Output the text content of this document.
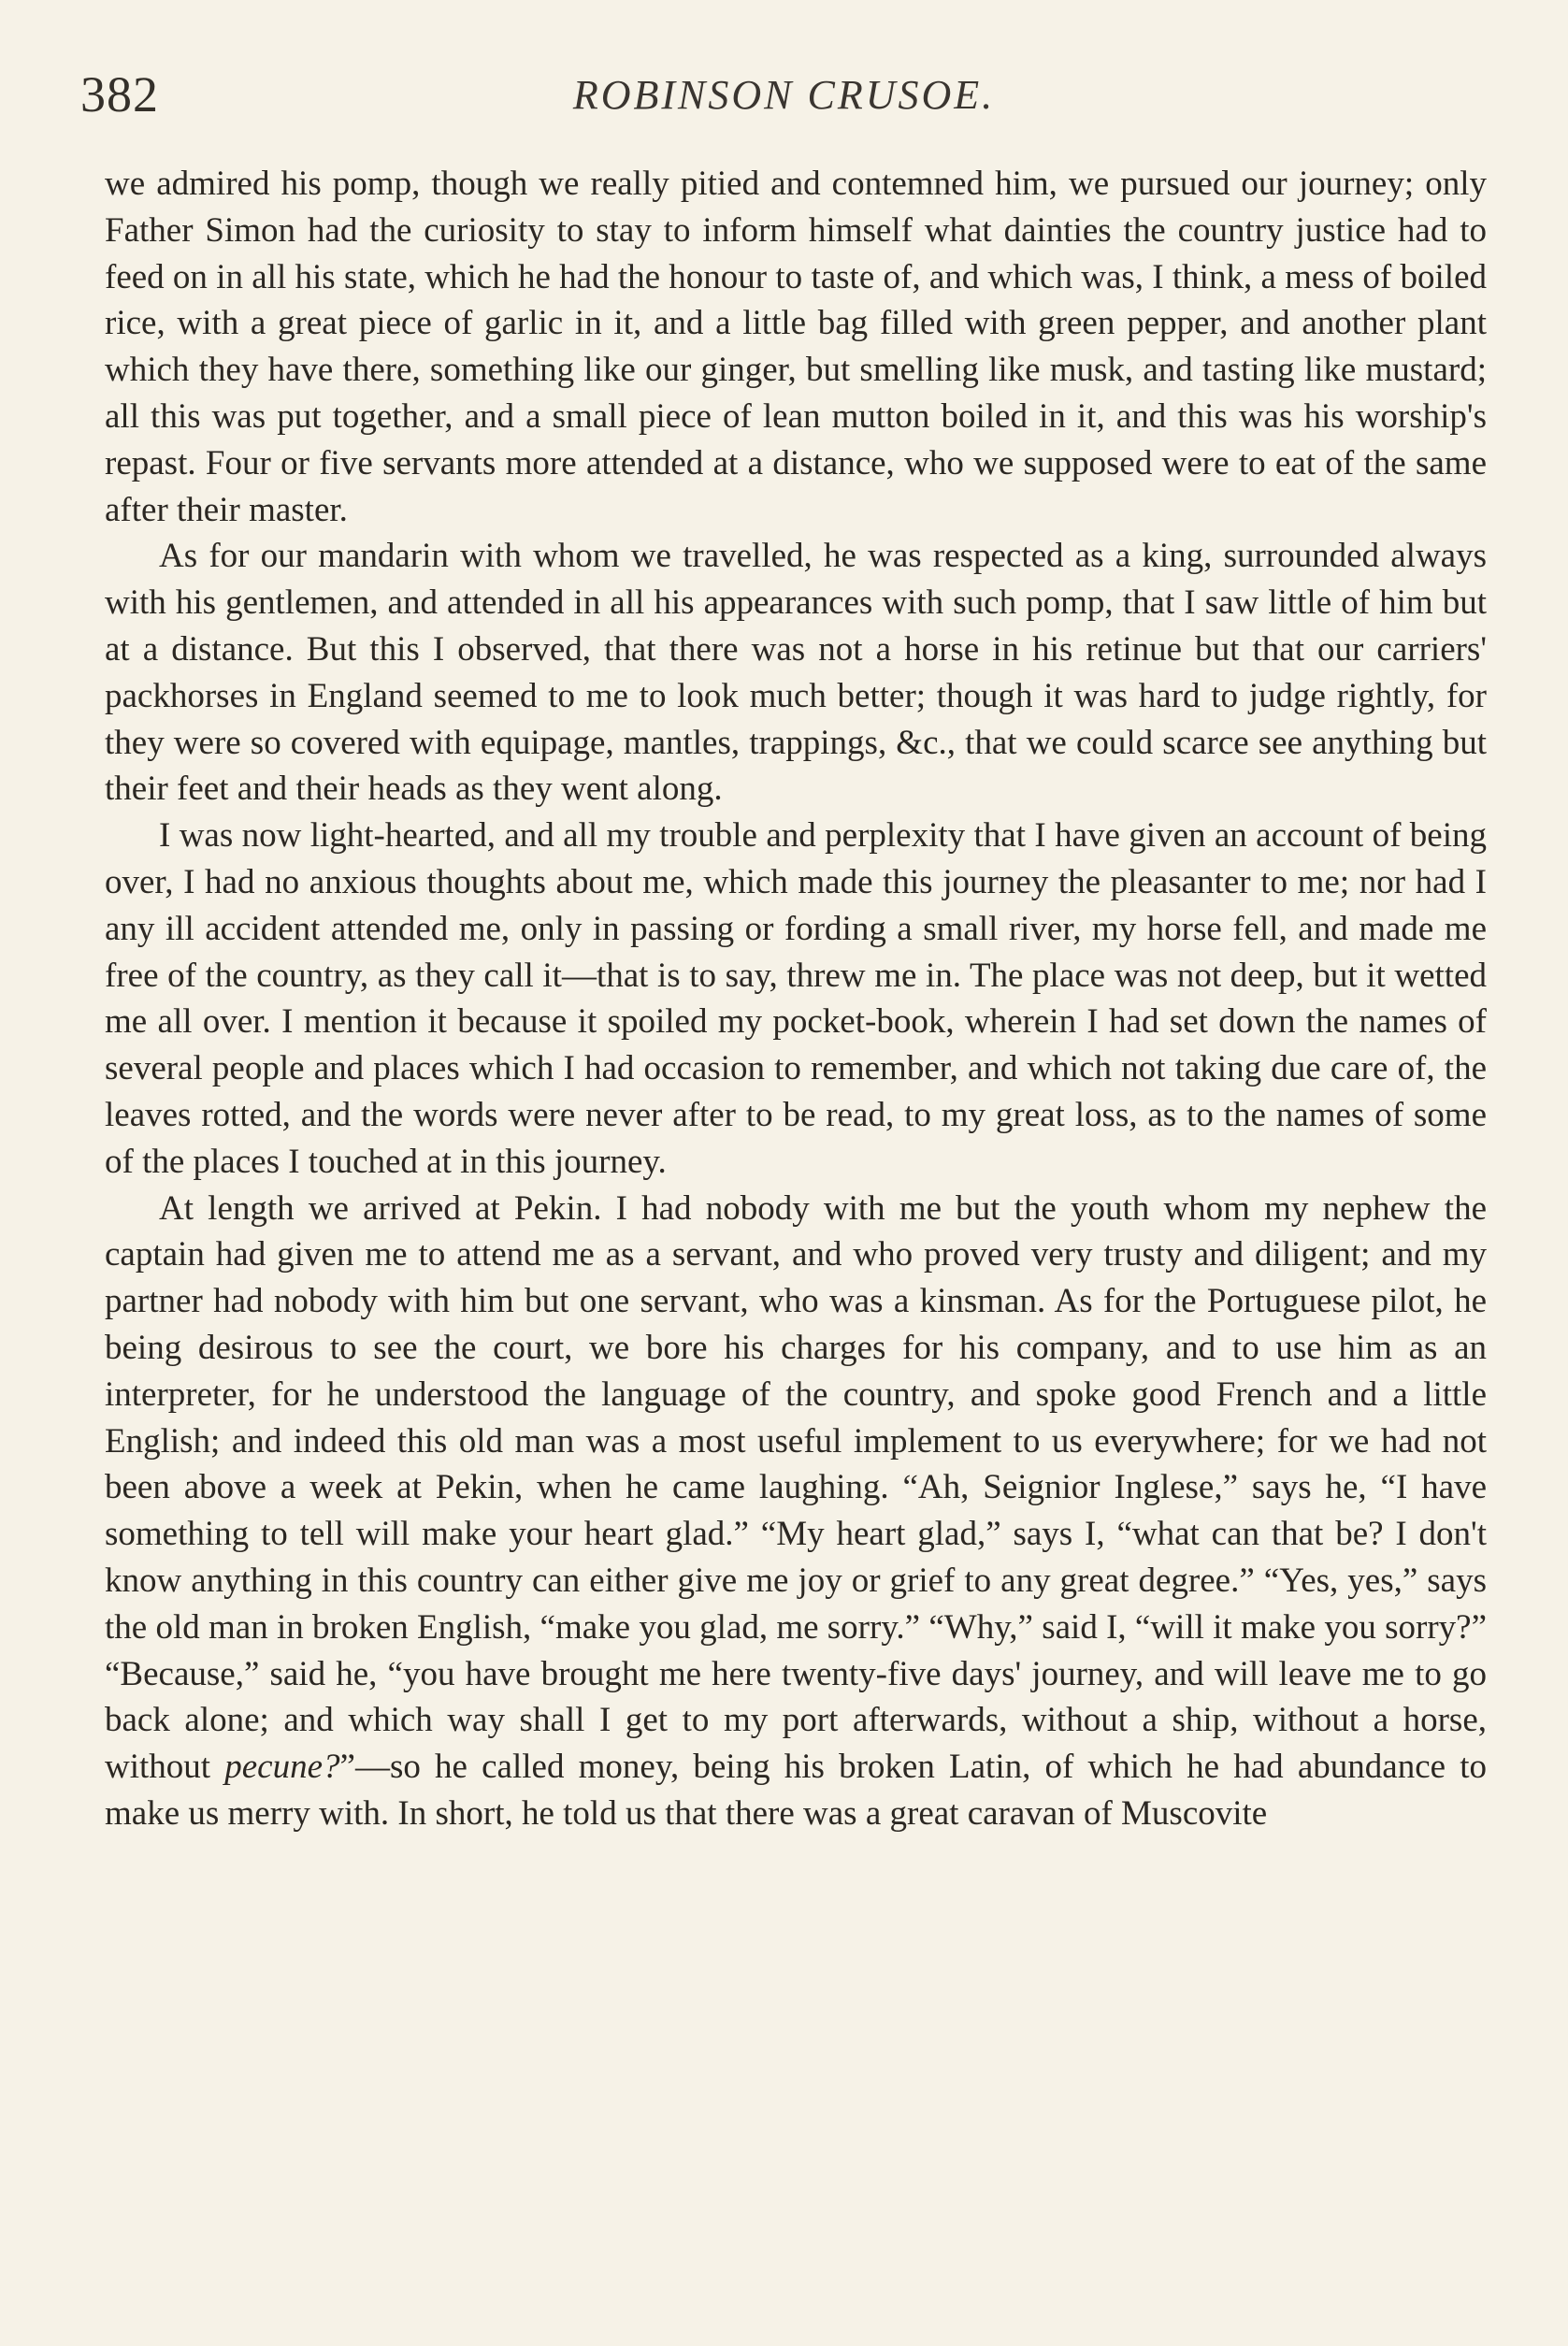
382	ROBINSON CRUSOE.

we admired his pomp, though we really pitied and contemned him, we pursued our journey; only Father Simon had the curiosity to stay to inform himself what dainties the country justice had to feed on in all his state, which he had the honour to taste of, and which was, I think, a mess of boiled rice, with a great piece of garlic in it, and a little bag filled with green pepper, and another plant which they have there, something like our ginger, but smelling like musk, and tasting like mustard; all this was put together, and a small piece of lean mutton boiled in it, and this was his worship's repast. Four or five servants more attended at a distance, who we supposed were to eat of the same after their master.

As for our mandarin with whom we travelled, he was respected as a king, surrounded always with his gentlemen, and attended in all his appearances with such pomp, that I saw little of him but at a distance. But this I observed, that there was not a horse in his retinue but that our carriers' packhorses in England seemed to me to look much better; though it was hard to judge rightly, for they were so covered with equipage, mantles, trappings, &c., that we could scarce see anything but their feet and their heads as they went along.

I was now light-hearted, and all my trouble and perplexity that I have given an account of being over, I had no anxious thoughts about me, which made this journey the pleasanter to me; nor had I any ill accident attended me, only in passing or fording a small river, my horse fell, and made me free of the country, as they call it—that is to say, threw me in. The place was not deep, but it wetted me all over. I mention it because it spoiled my pocket-book, wherein I had set down the names of several people and places which I had occasion to remember, and which not taking due care of, the leaves rotted, and the words were never after to be read, to my great loss, as to the names of some of the places I touched at in this journey.

At length we arrived at Pekin. I had nobody with me but the youth whom my nephew the captain had given me to attend me as a servant, and who proved very trusty and diligent; and my partner had nobody with him but one servant, who was a kinsman. As for the Portuguese pilot, he being desirous to see the court, we bore his charges for his company, and to use him as an interpreter, for he understood the language of the country, and spoke good French and a little English; and indeed this old man was a most useful implement to us everywhere; for we had not been above a week at Pekin, when he came laughing. “Ah, Seignior Inglese,” says he, “I have something to tell will make your heart glad.” “My heart glad,” says I, “what can that be? I don't know anything in this country can either give me joy or grief to any great degree.” “Yes, yes,” says the old man in broken English, “make you glad, me sorry.” “Why,” said I, “will it make you sorry?” “Because,” said he, “you have brought me here twenty-five days' journey, and will leave me to go back alone; and which way shall I get to my port afterwards, without a ship, without a horse, without pecune?”—so he called money, being his broken Latin, of which he had abundance to make us merry with. In short, he told us that there was a great caravan of Muscovite
